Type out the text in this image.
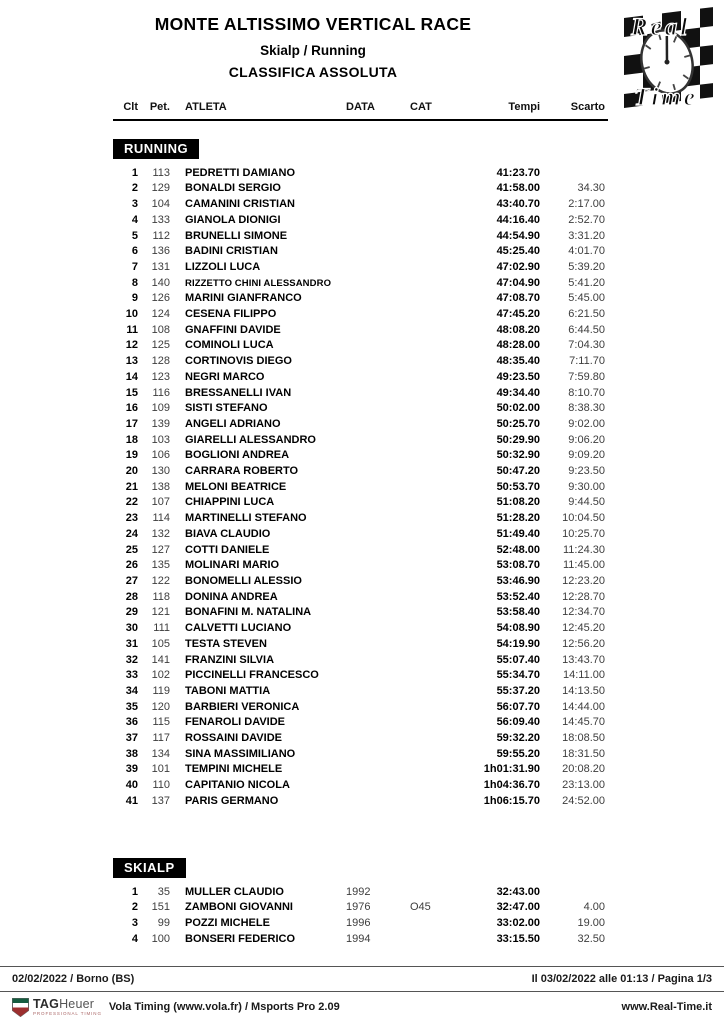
Real
Time
MONTE ALTISSIMO VERTICAL RACE
Skialp / Running
CLASSIFICA ASSOLUTA
Clt	Pet.	ATLETA	DATA	CAT	Tempi	Scarto
RUNNING
1	113	PEDRETTI DAMIANO	41:23.70
2	129	BONALDI SERGIO	41:58.00	34.30
3	104	CAMANINI CRISTIAN	43:40.70	2:17.00
4	133	GIANOLA DIONIGI	44:16.40	2:52.70
5	112	BRUNELLI SIMONE	44:54.90	3:31.20
6	136	BADINI CRISTIAN	45:25.40	4:01.70
7	131	LIZZOLI LUCA	47:02.90	5:39.20
8	140	RIZZETTO CHINI ALESSANDRO	47:04.90	5:41.20
9	126	MARINI GIANFRANCO	47:08.70	5:45.00
10	124	CESENA FILIPPO	47:45.20	6:21.50
11	108	GNAFFINI DAVIDE	48:08.20	6:44.50
12	125	COMINOLI LUCA	48:28.00	7:04.30
13	128	CORTINOVIS DIEGO	48:35.40	7:11.70
14	123	NEGRI MARCO	49:23.50	7:59.80
15	116	BRESSANELLI IVAN	49:34.40	8:10.70
16	109	SISTI STEFANO	50:02.00	8:38.30
17	139	ANGELI ADRIANO	50:25.70	9:02.00
18	103	GIARELLI ALESSANDRO	50:29.90	9:06.20
19	106	BOGLIONI ANDREA	50:32.90	9:09.20
20	130	CARRARA ROBERTO	50:47.20	9:23.50
21	138	MELONI BEATRICE	50:53.70	9:30.00
22	107	CHIAPPINI LUCA	51:08.20	9:44.50
23	114	MARTINELLI STEFANO	51:28.20	10:04.50
24	132	BIAVA CLAUDIO	51:49.40	10:25.70
25	127	COTTI DANIELE	52:48.00	11:24.30
26	135	MOLINARI MARIO	53:08.70	11:45.00
27	122	BONOMELLI ALESSIO	53:46.90	12:23.20
28	118	DONINA ANDREA	53:52.40	12:28.70
29	121	BONAFINI M. NATALINA	53:58.40	12:34.70
30	111	CALVETTI LUCIANO	54:08.90	12:45.20
31	105	TESTA STEVEN	54:19.90	12:56.20
32	141	FRANZINI SILVIA	55:07.40	13:43.70
33	102	PICCINELLI FRANCESCO	55:34.70	14:11.00
34	119	TABONI MATTIA	55:37.20	14:13.50
35	120	BARBIERI VERONICA	56:07.70	14:44.00
36	115	FENAROLI DAVIDE	56:09.40	14:45.70
37	117	ROSSAINI DAVIDE	59:32.20	18:08.50
38	134	SINA MASSIMILIANO	59:55.20	18:31.50
39	101	TEMPINI MICHELE	1h01:31.90	20:08.20
40	110	CAPITANIO NICOLA	1h04:36.70	23:13.00
41	137	PARIS GERMANO	1h06:15.70	24:52.00
SKIALP
1	35	MULLER CLAUDIO	1992	32:43.00
2	151	ZAMBONI GIOVANNI	1976	O45	32:47.00	4.00
3	99	POZZI MICHELE	1996	33:02.00	19.00
4	100	BONSERI FEDERICO	1994	33:15.50	32.50
02/02/2022 / Borno (BS)	Il 03/02/2022 alle 01:13 / Pagina 1/3
TAGHeuer
PROFESSIONAL TIMING Vola Timing (www.vola.fr) / Msports Pro 2.09	www.Real-Time.it
